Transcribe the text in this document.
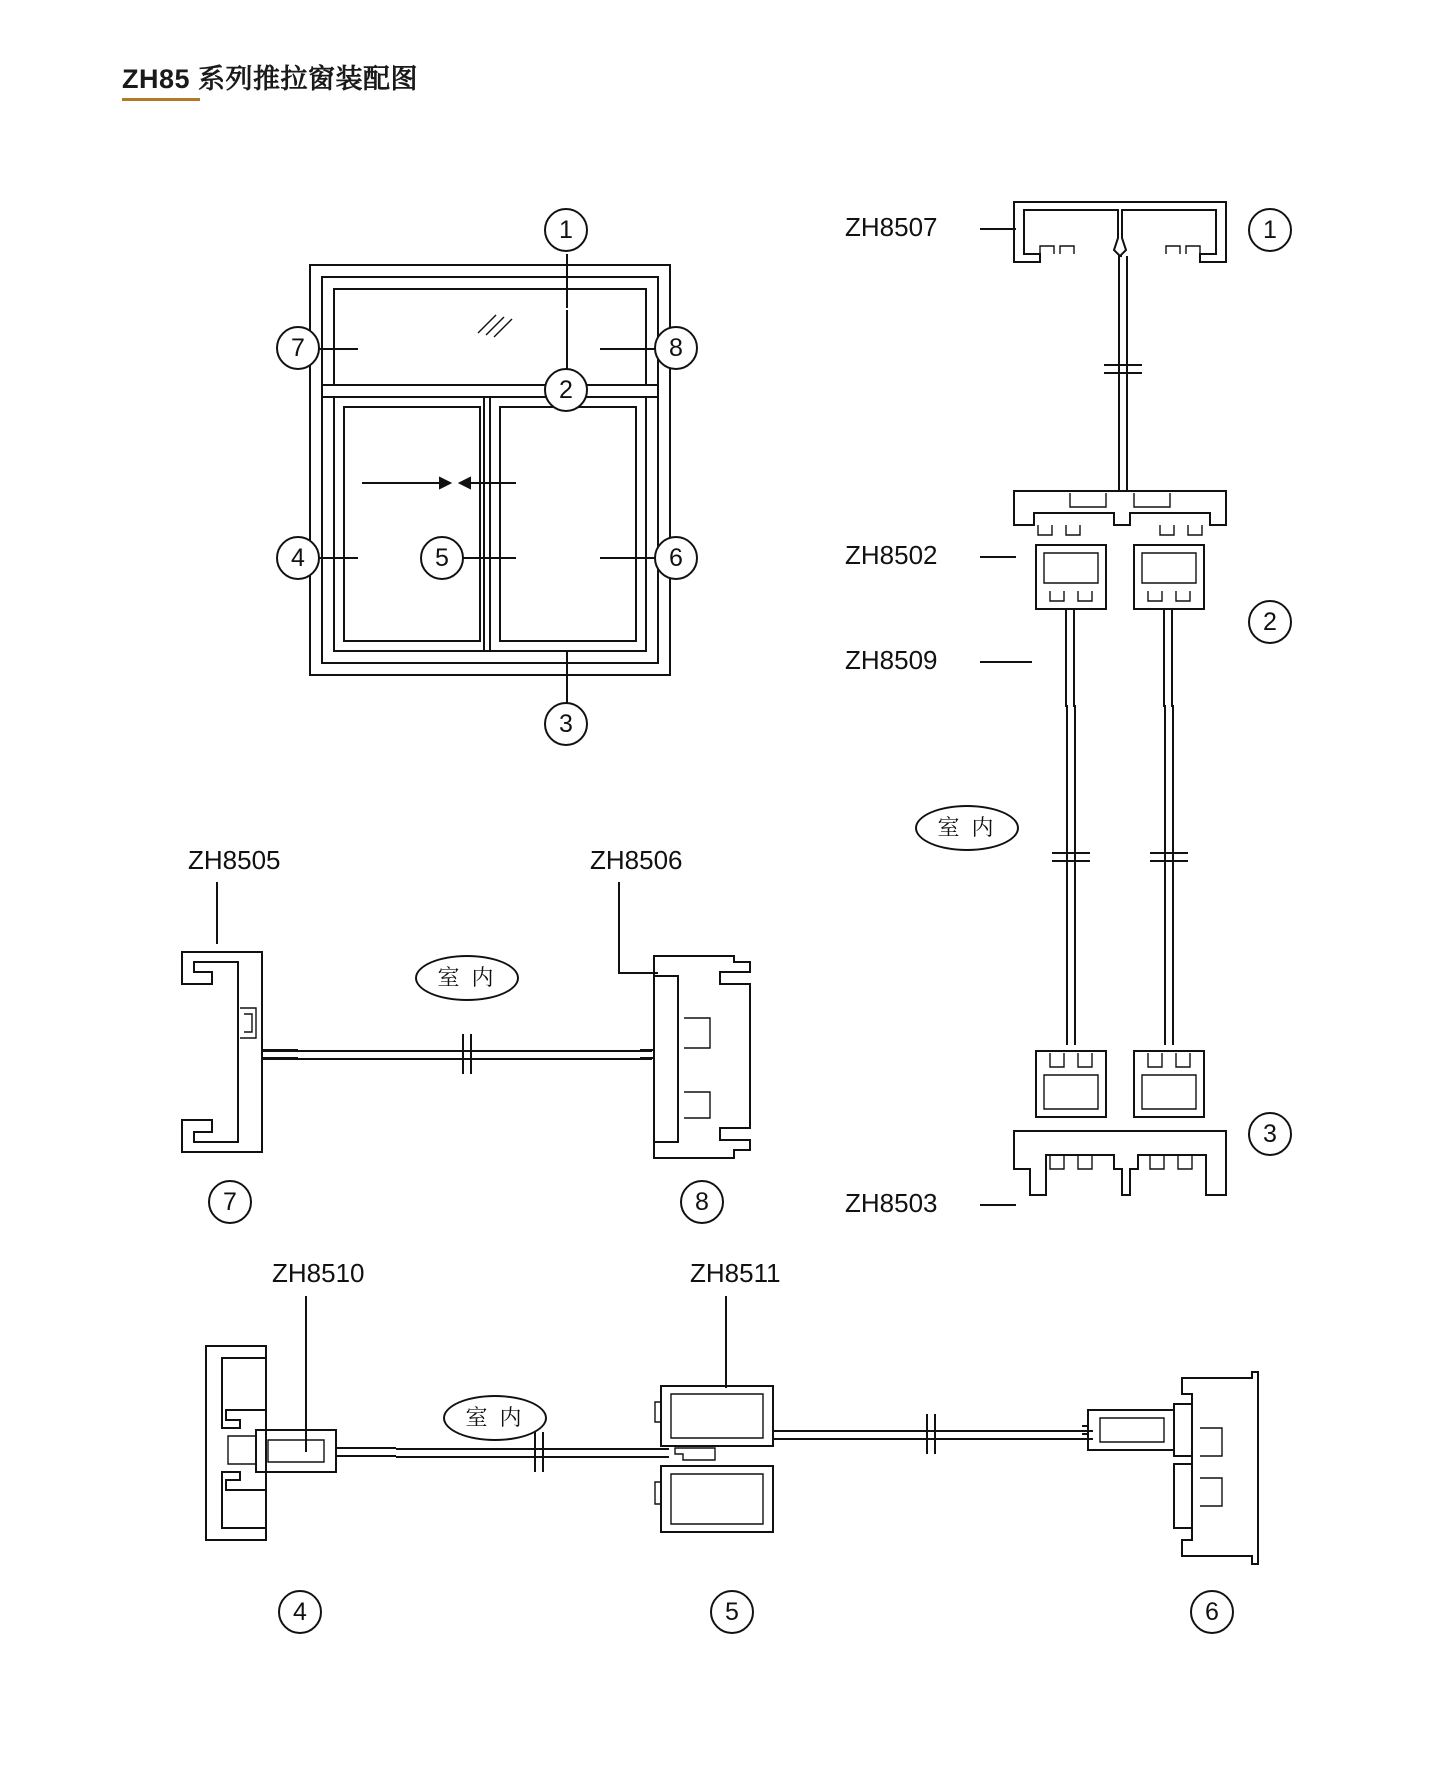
ZH85 系列推拉窗装配图
1
7	8
2
4	5	6
3
ZH8507	1
ZH8502
ZH8509
2
室 内
ZH8503
3
ZH8505	ZH8506
室 内
7	8
ZH8510	ZH8511
室 内
4	5	6
